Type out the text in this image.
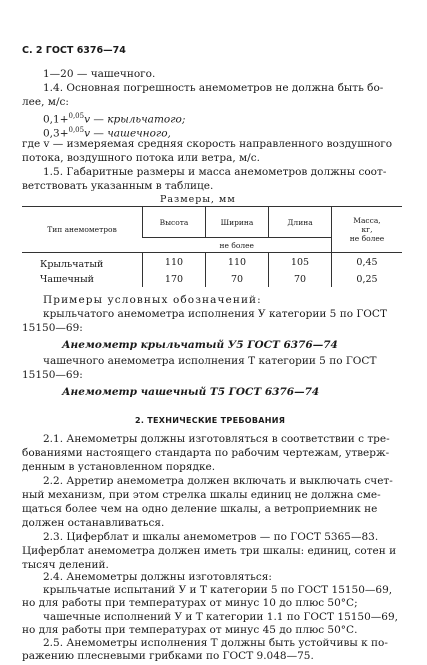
С. 2 ГОСТ 6376—74
1—20 — чашечного.
1.4. Основная погрешность анемометров не должна быть бо-
лее, м/с:
0,1+$^{0,05}$v — крыльчатого;
0,3+$^{0,05}$v — чашечного,
где v — измеряемая средняя скорость направленного воздушного
потока, воздушного потока или ветра, м/с.
1.5. Габаритные размеры и масса анемометров должны соот-
ветствовать указанным в таблице.
Размеры, мм
Тип анемометров	Высота	Ширина	Длина	Масса,
кг,
не более

	не более			
Крыльчатый	110	110	105	0,45
Чашечный	170	70	70	0,25
Примеры условных обозначений:
крыльчатого анемометра исполнения У категории 5 по ГОСТ
15150—69:
Анемометр крыльчатый У5 ГОСТ 6376—74
чашечного анемометра исполнения Т категории 5 по ГОСТ
15150—69:
Анемометр чашечный Т5 ГОСТ 6376—74
2. ТЕХНИЧЕСКИЕ ТРЕБОВАНИЯ
2.1. Анемометры должны изготовляться в соответствии с тре-
бованиями настоящего стандарта по рабочим чертежам, утверж-
денным в установленном порядке.
2.2. Арретир анемометра должен включать и выключать счет-
ный механизм, при этом стрелка шкалы единиц не должна сме-
щаться более чем на одно деление шкалы, а ветроприемник не
должен останавливаться.
2.3. Циферблат и шкалы анемометров — по ГОСТ 5365—83.
Циферблат анемометра должен иметь три шкалы: единиц, сотен и
тысяч делений.
2.4. Анемометры должны изготовляться:
крыльчатые испытаний У и Т категории 5 по ГОСТ 15150—69,
но для работы при температурах от минус 10 до плюс 50°С;
чашечные исполнений У и Т категории 1.1 по ГОСТ 15150—69,
но для работы при температурах от минус 45 до плюс 50°С.
2.5. Анемометры исполнения Т должны быть устойчивы к по-
ражению плесневыми грибками по ГОСТ 9.048—75.
